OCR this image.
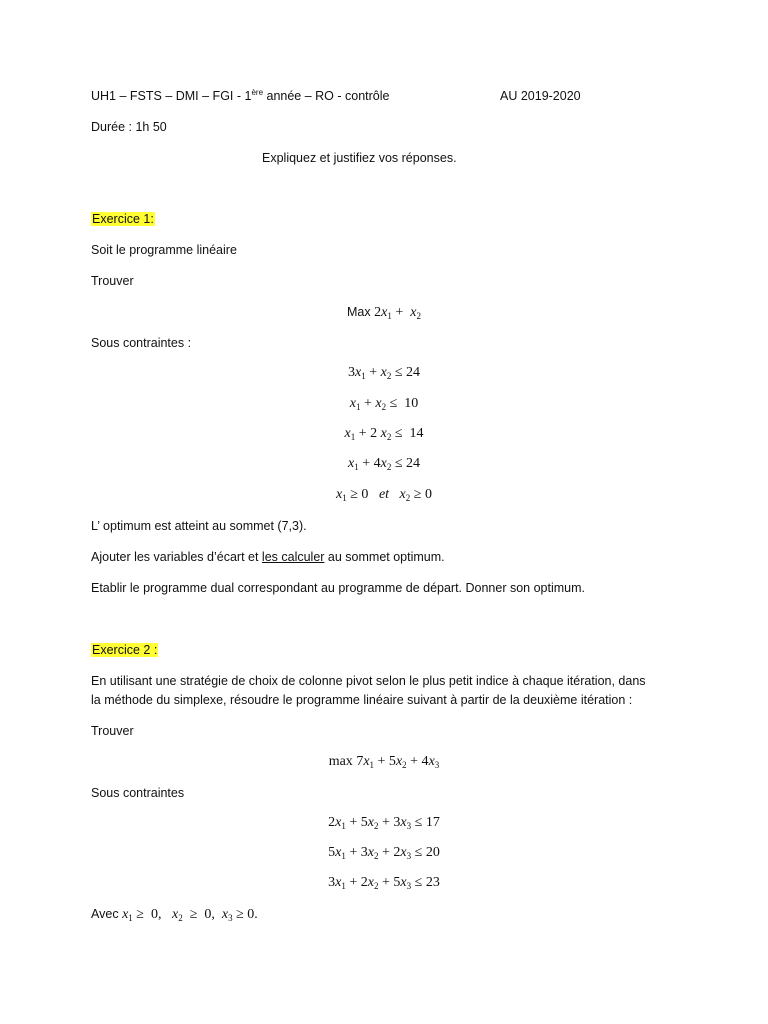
UH1 – FSTS – DMI – FGI - 1ère année – RO - contrôle	AU 2019-2020
Durée : 1h 50
Expliquez et justifiez vos réponses.
Exercice 1:
Soit le programme linéaire
Trouver
Max $2x_1 + x_2$
Sous contraintes :
$3x_1 + x_2 \le 24$
$x_1 + x_2 \le 10$
$x_1 + 2$ $x_2 \le 14$
$x_1 + 4x_2 \le 24$
$x_1 \ge 0$   et $x_2 \ge 0$
L’ optimum est atteint au sommet (7,3).
Ajouter les variables d’écart et les calculer au sommet optimum.
Etablir le programme dual correspondant au programme de départ. Donner son optimum.
Exercice 2 :
En utilisant une stratégie de choix de colonne pivot selon le plus petit indice à chaque itération, dans
la méthode du simplexe, résoudre le programme linéaire suivant à partir de la deuxième itération :
Trouver
$\max 7x_1 + 5x_2 + 4x_3$
Sous contraintes
$2x_1 + 5x_2 + 3x_3 \le 17$
$5x_1 + 3x_2 + 2x_3 \le 20$
$3x_1 + 2x_2 + 5x_3 \le 23$
Avec $x_1 \ge 0$,   $x_2 \ge 0$,  $x_3 \ge 0$.
